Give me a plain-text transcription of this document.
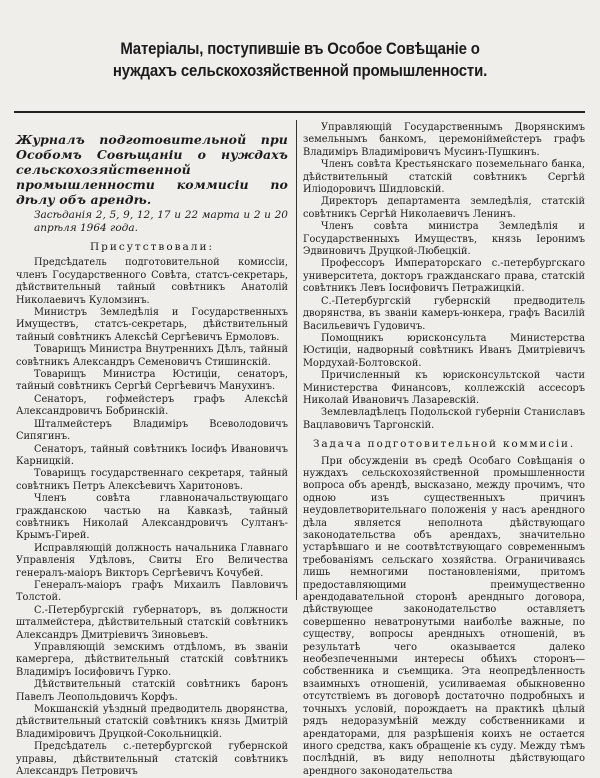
Матеріалы, поступившіе въ Особое Совѣщаніе о нуждахъ сельскохозяйственной промышленности.
Журналъ подготовительной при Особомъ Совѣщаніи о нуждахъ сельскохозяйственной промышленности коммисіи по дѣлу объ арендѣ.
Засѣданія 2, 5, 9, 12, 17 и 22 марта и 2 и 20 апрѣля 1964 года.
Присутствовали:

Предсѣдатель подготовительной комиссіи, членъ Государственного Совѣта, статсъ-секретарь, дѣйствительный тайный совѣтникъ Анатолій Николаевичъ Куломзинъ.

Министръ Земледѣлія и Государственныхъ Имуществъ, статсъ-секретарь, дѣйствительный тайный совѣтникъ Алексѣй Сергѣевичъ Ермоловъ.

Товарищъ Министра Внутреннихъ Дѣлъ, тайный совѣтникъ Александръ Семеновичъ Стишинскій.

Товарищъ Министра Юстиціи, сенаторъ, тайный совѣтникъ Сергѣй Сергѣевичъ Манухинъ.

Сенаторъ, гофмейстеръ графъ Алексѣй Александровичъ Бобринскій.

Шталмейстеръ Владиміръ Всеволодовичъ Сипягинъ.

Сенаторъ, тайный совѣтникъ Іосифъ Ивановичъ Карницкій.

Товарищъ государственнаго секретаря, тайный совѣтникъ Петръ Алексѣевичъ Харитоновъ.

Членъ совѣта главноначальствующаго гражданскою частью на Кавказѣ, тайный совѣтникъ Николай Александровичъ Султанъ-Крымъ-Гирей.

Исправляющій должность начальника Главнаго Управленія Удѣловъ, Свиты Его Величества генералъ-маіоръ Викторъ Сергѣевичъ Кочубей.

Генералъ-маіоръ графъ Михаилъ Павловичъ Толстой.

С.-Петербургскій губернаторъ, въ должности шталмейстера, дѣйствительный статскій совѣтникъ Александръ Дмитріевичъ Зиновьевъ.

Управляющій земскимъ отдѣломъ, въ званіи камергера, дѣйствительный статскій совѣтникъ Владиміръ Іосифовичъ Гурко.

Дѣйствительный статскій совѣтникъ баронъ Павелъ Леопольдовичъ Корфъ.

Мокшанскій уѣздный предводитель дворянства, дѣйствительный статскій совѣтникъ князь Дмитрій Владиміровичъ Друцкой-Сокольницкій.

Предсѣдатель с.-петербургской губернской управы, дѣйствительный статскій совѣтникъ Александръ Петровичъ

Управляющій Государственнымъ Дворянскимъ земельнымъ банкомъ, церемоніймейстеръ графъ Владиміръ Владиміровичъ Мусинъ-Пушкинъ.

Членъ совѣта Крестьянскаго поземельнаго банка, дѣйствительный статскій совѣтникъ Сергѣй Иліодоровичъ Шидловскій.

Директоръ департамента земледѣлія, статскій совѣтникъ Сергѣй Николаевичъ Ленинъ.

Членъ совѣта министра Земледѣлія и Государственныхъ Имуществъ, князь Іеронимъ Эдвиновичъ Друцкой-Любецкій.

Профессоръ Императорскаго с.-петербургскаго университета, докторъ гражданскаго права, статскій совѣтникъ Левъ Іосифовичъ Петражицкій.

С.-Петербургскій губернскій предводитель дворянства, въ званіи камеръ-юнкера, графъ Василій Васильевичъ Гудовичъ.

Помощникъ юрисконсульта Министерства Юстиціи, надворный совѣтникъ Иванъ Дмитріевичъ Мордухай-Болтовской.

Причисленный къ юрисконсультской части Министерства Финансовъ, коллежскій ассесоръ Николай Ивановичъ Лазаревскій.

Землевладѣлецъ Подольской губерніи Станиславъ Вацлавовичъ Таргонскій.

Задача подготовительной коммисіи.

При обсужденіи въ средѣ Особаго Совѣщанія о нуждахъ сельскохозяйственной промышленности вопроса объ арендѣ, высказано, между прочимъ, что одною изъ существенныхъ причинъ неудовлетворительнаго положенія у насъ арендного дѣла является неполнота дѣйствующаго законодательства объ арендахъ, значительно устарѣвшаго и не соотвѣтствующаго современнымъ требованіямъ сельскаго хозяйства. Ограничиваясь лишь немногими постановленіями, притомъ предоставляющими преимущественно арендодавательной сторонѣ арендныго договора, дѣйствующее законодательство оставляетъ совершенно неватронутыми наиболѣе важные, по существу, вопросы арендныхъ отношеній, въ результатѣ чего оказывается далеко необезпеченными интересы обѣихъ сторонъ—собственника и съемщика. Эта неопредѣленность взаимныхъ отношеній, усиливаемая обыкновенно отсутствіемъ въ договорѣ достаточно подробныхъ и точныхъ условій, порождаетъ на практикѣ цѣлый рядъ недоразумѣній между собственниками и арендаторами, для разрѣшенія коихъ не остается иного средства, какъ обращеніе къ суду. Между тѣмъ послѣдній, въ виду неполноты дѣйствующаго арендного законодательства
